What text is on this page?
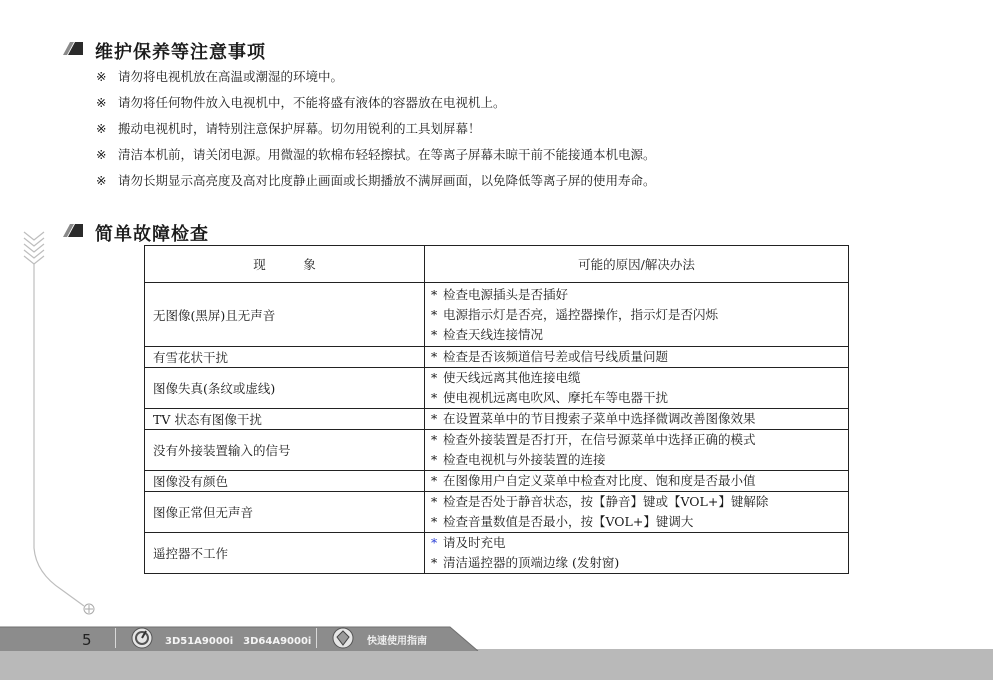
维护保养等注意事项
※ 请勿将电视机放在高温或潮湿的环境中。
※ 请勿将任何物件放入电视机中，不能将盛有液体的容器放在电视机上。
※ 搬动电视机时，请特别注意保护屏幕。切勿用锐利的工具划屏幕！
※ 清洁本机前，请关闭电源。用微湿的软棉布轻轻擦拭。在等离子屏幕未晾干前不能接通本机电源。
※ 请勿长期显示高亮度及高对比度静止画面或长期播放不满屏画面，以免降低等离子屏的使用寿命。
简单故障检查
现　　　象	可能的原因/解决办法
无图像(黑屏)且无声音	* 检查电源插头是否插好
* 电源指示灯是否亮，遥控器操作，指示灯是否闪烁
* 检查天线连接情况

有雪花状干扰	* 检查是否该频道信号差或信号线质量问题

图像失真(条纹或虚线)	* 使天线远离其他连接电缆
* 使电视机远离电吹风、摩托车等电器干扰

TV 状态有图像干扰	* 在设置菜单中的节目搜索子菜单中选择微调改善图像效果

没有外接装置输入的信号	* 检查外接装置是否打开，在信号源菜单中选择正确的模式
* 检查电视机与外接装置的连接

图像没有颜色	* 在图像用户自定义菜单中检查对比度、饱和度是否最小值

图像正常但无声音	* 检查是否处于静音状态，按【静音】键或【VOL+】键解除
* 检查音量数值是否最小，按【VOL+】键调大

遥控器不工作	* 请及时充电
* 清洁遥控器的顶端边缘 (发射窗)
5	3D51A9000i　3D64A9000i	快速使用指南
